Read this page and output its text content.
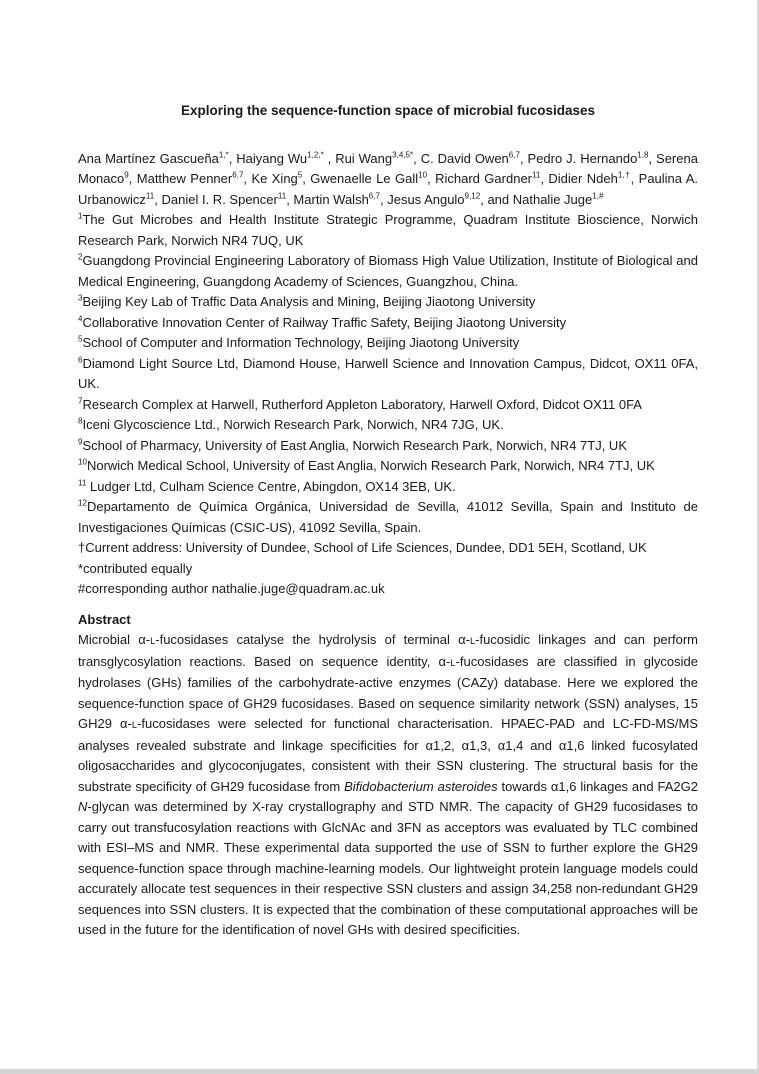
Exploring the sequence-function space of microbial fucosidases

Ana Martínez Gascueña$^{1,*}$, Haiyang $Wu^{1,2,*}$ , Rui Wang$^{3,4,5*}$, C. David Owen$^{6,7}$, Pedro J. Hernando$^{1,8}$, Serena Monaco$^9$, Matthew Penner$^{6,7}$, Ke Xing$^5$, Gwenaelle Le Gall$^{10}$, Richard Gardner$^{11}$, Didier Ndeh$^{1,\dagger}$, Paulina A. Urbanowicz$^{11}$, Daniel I. R. Spencer$^{11}$, Martin Walsh$^{6,7}$, Jesus Angulo$^{9,12}$, and Nathalie Juge$^{1,\#}$

$^1$The Gut Microbes and Health Institute Strategic Programme, Quadram Institute Bioscience, Norwich Research Park, Norwich NR4 7UQ, UK

$^2$Guangdong Provincial Engineering Laboratory of Biomass High Value Utilization, Institute of Biological and Medical Engineering, Guangdong Academy of Sciences, Guangzhou, China.

$^3$Beijing Key Lab of Traffic Data Analysis and Mining, Beijing Jiaotong University

$^4$Collaborative Innovation Center of Railway Traffic Safety, Beijing Jiaotong University

$^5$School of Computer and Information Technology, Beijing Jiaotong University

$^6$Diamond Light Source Ltd, Diamond House, Harwell Science and Innovation Campus, Didcot, OX11 0FA, UK.

$^7$Research Complex at Harwell, Rutherford Appleton Laboratory, Harwell Oxford, Didcot OX11 0FA

$^8$Iceni Glycoscience Ltd., Norwich Research Park, Norwich, NR4 7JG, UK.

$^9$School of Pharmacy, University of East Anglia, Norwich Research Park, Norwich, NR4 7TJ, UK

$^{10}$Norwich Medical School, University of East Anglia, Norwich Research Park, Norwich, NR4 7TJ, UK

$^{11}$ Ludger Ltd, Culham Science Centre, Abingdon, OX14 3EB, UK.

$^{12}$Departamento de Química Orgánica, Universidad de Sevilla, 41012 Sevilla, Spain and Instituto de Investigaciones Químicas (CSIC-US), 41092 Sevilla, Spain.

†Current address: University of Dundee, School of Life Sciences, Dundee, DD1 5EH, Scotland, UK

*contributed equally

#corresponding author nathalie.juge@quadram.ac.uk

Abstract

Microbial α-L-fucosidases catalyse the hydrolysis of terminal α-L-fucosidic linkages and can perform transglycosylation reactions. Based on sequence identity, α-L-fucosidases are classified in glycoside hydrolases (GHs) families of the carbohydrate-active enzymes (CAZy) database. Here we explored the sequence-function space of GH29 fucosidases. Based on sequence similarity network (SSN) analyses, 15 GH29 α-L-fucosidases were selected for functional characterisation. HPAEC-PAD and LC-FD-MS/MS analyses revealed substrate and linkage specificities for α1,2, α1,3, α1,4 and α1,6 linked fucosylated oligosaccharides and glycoconjugates, consistent with their SSN clustering. The structural basis for the substrate specificity of GH29 fucosidase from Bifidobacterium asteroides towards α1,6 linkages and FA2G2 N-glycan was determined by X-ray crystallography and STD NMR. The capacity of GH29 fucosidases to carry out transfucosylation reactions with GlcNAc and 3FN as acceptors was evaluated by TLC combined with ESI–MS and NMR. These experimental data supported the use of SSN to further explore the GH29 sequence-function space through machine-learning models. Our lightweight protein language models could accurately allocate test sequences in their respective SSN clusters and assign 34,258 non-redundant GH29 sequences into SSN clusters. It is expected that the combination of these computational approaches will be used in the future for the identification of novel GHs with desired specificities.
